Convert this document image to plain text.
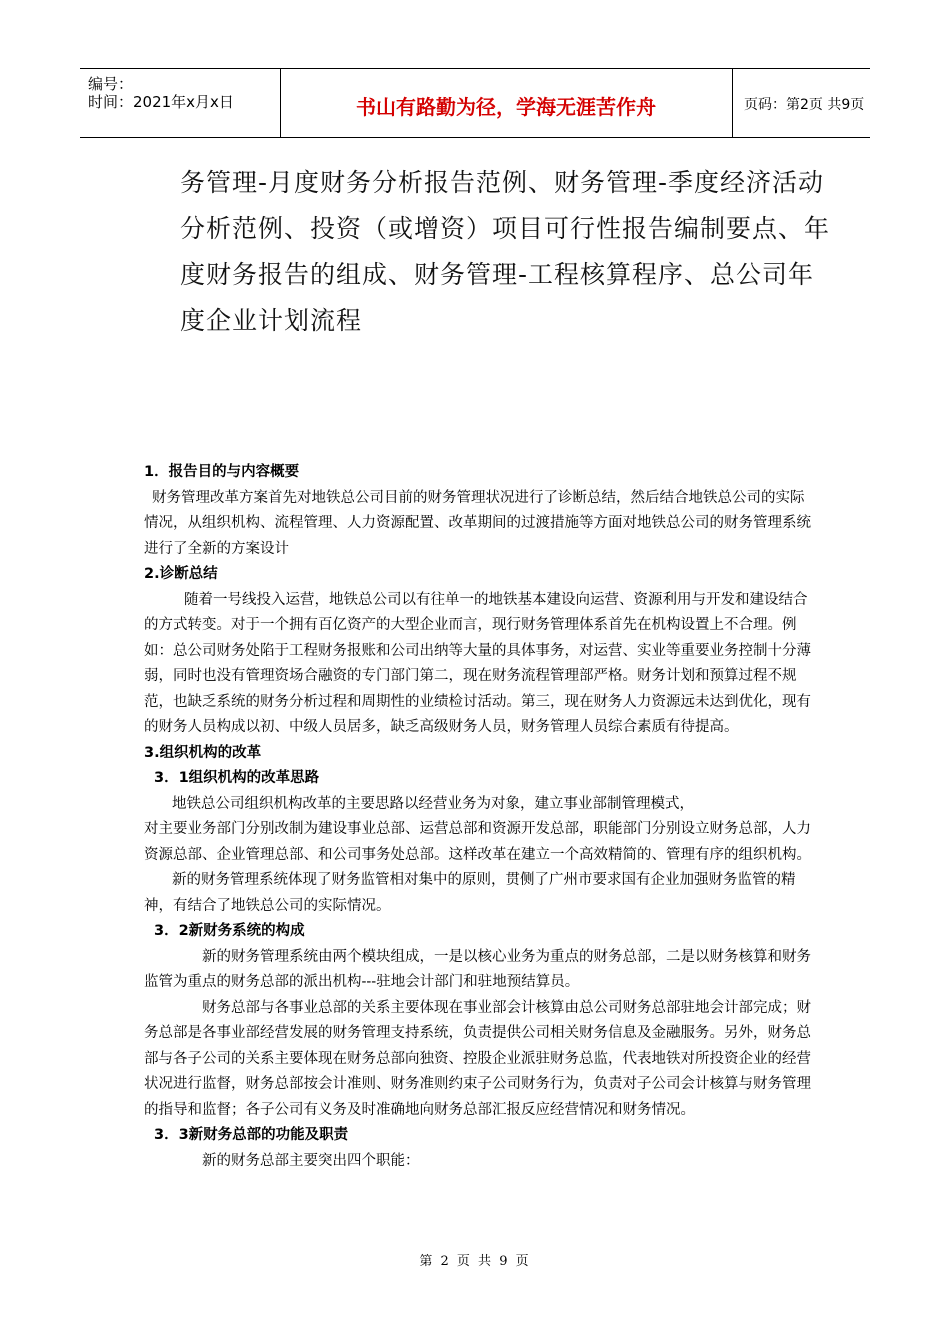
编号：
时间：2021年x月x日	书山有路勤为径，学海无涯苦作舟	页码：第2页 共9页
务管理-月度财务分析报告范例、财务管理-季度经济活动分析范例、投资（或增资）项目可行性报告编制要点、年度财务报告的组成、财务管理-工程核算程序、总公司年度企业计划流程

1．报告目的与内容概要

财务管理改革方案首先对地铁总公司目前的财务管理状况进行了诊断总结，然后结合地铁总公司的实际情况，从组织机构、流程管理、人力资源配置、改革期间的过渡措施等方面对地铁总公司的财务管理系统进行了全新的方案设计

2.诊断总结

随着一号线投入运营，地铁总公司以有往单一的地铁基本建设向运营、资源利用与开发和建设结合的方式转变。对于一个拥有百亿资产的大型企业而言，现行财务管理体系首先在机构设置上不合理。例如：总公司财务处陷于工程财务报账和公司出纳等大量的具体事务，对运营、实业等重要业务控制十分薄弱，同时也没有管理资场合融资的专门部门第二，现在财务流程管理部严格。财务计划和预算过程不规范，也缺乏系统的财务分析过程和周期性的业绩检讨活动。第三，现在财务人力资源远未达到优化，现有的财务人员构成以初、中级人员居多，缺乏高级财务人员，财务管理人员综合素质有待提高。

3.组织机构的改革

3．1组织机构的改革思路

地铁总公司组织机构改革的主要思路以经营业务为对象，建立事业部制管理模式，

对主要业务部门分别改制为建设事业总部、运营总部和资源开发总部，职能部门分别设立财务总部，人力资源总部、企业管理总部、和公司事务处总部。这样改革在建立一个高效精简的、管理有序的组织机构。

新的财务管理系统体现了财务监管相对集中的原则，贯侧了广州市要求国有企业加强财务监管的精神，有结合了地铁总公司的实际情况。

3．2新财务系统的构成

新的财务管理系统由两个模块组成，一是以核心业务为重点的财务总部，二是以财务核算和财务监管为重点的财务总部的派出机构---驻地会计部门和驻地预结算员。

财务总部与各事业总部的关系主要体现在事业部会计核算由总公司财务总部驻地会计部完成；财务总部是各事业部经营发展的财务管理支持系统，负责提供公司相关财务信息及金融服务。另外，财务总部与各子公司的关系主要体现在财务总部向独资、控股企业派驻财务总监，代表地铁对所投资企业的经营状况进行监督，财务总部按会计准则、财务准则约束子公司财务行为，负责对子公司会计核算与财务管理的指导和监督；各子公司有义务及时准确地向财务总部汇报反应经营情况和财务情况。

3．3新财务总部的功能及职责

新的财务总部主要突出四个职能：

第 2 页 共 9 页
